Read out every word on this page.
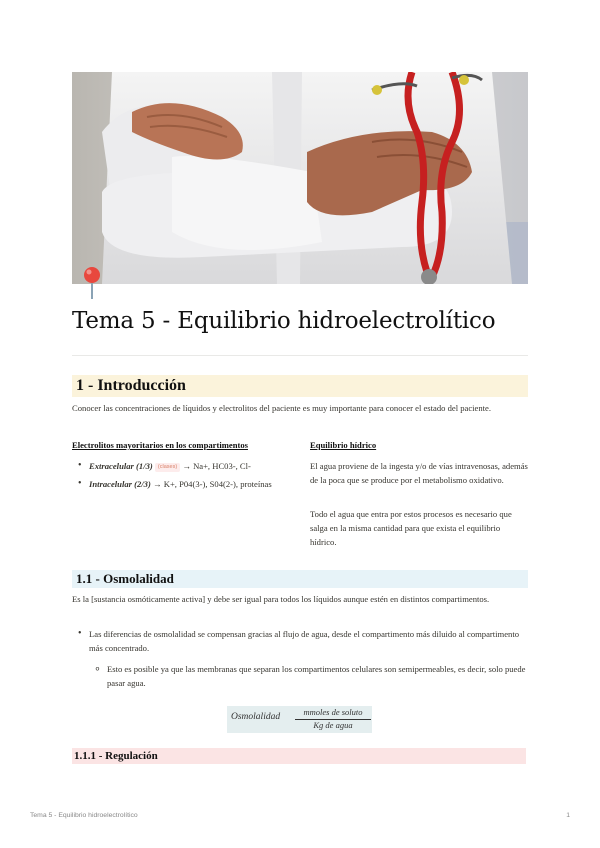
Tema 5 - Equilibrio hidroelectrolítico
1 - Introducción

Conocer las concentraciones de líquidos y electrolitos del paciente es muy importante para conocer el estado del paciente.

Electrolitos mayoritarios en los compartimentos
• Extracelular (1/3) (clases) → Na+, HC03-, Cl-
• Intracelular (2/3) → K+, P04(3-), S04(2-), proteínas
Equilibrio hídrico

El agua proviene de la ingesta y/o de vías intravenosas, además de la poca que se produce por el metabolismo oxidativo.

Todo el agua que entra por estos procesos es necesario que salga en la misma cantidad para que exista el equilibrio hídrico.

1.1 - Osmolalidad

Es la [sustancia osmóticamente activa] y debe ser igual para todos los líquidos aunque estén en distintos compartimentos.

• Las diferencias de osmolalidad se compensan gracias al flujo de agua, desde el compartimento más diluido al compartimento más concentrado.
∘ Esto es posible ya que las membranas que separan los compartimentos celulares son semipermeables, es decir, solo puede pasar agua.
Osmolalidad	mmoles de soluto
Kg de agua
1.1.1 - Regulación
Tema 5 - Equilibrio hidroelectrolítico	1
